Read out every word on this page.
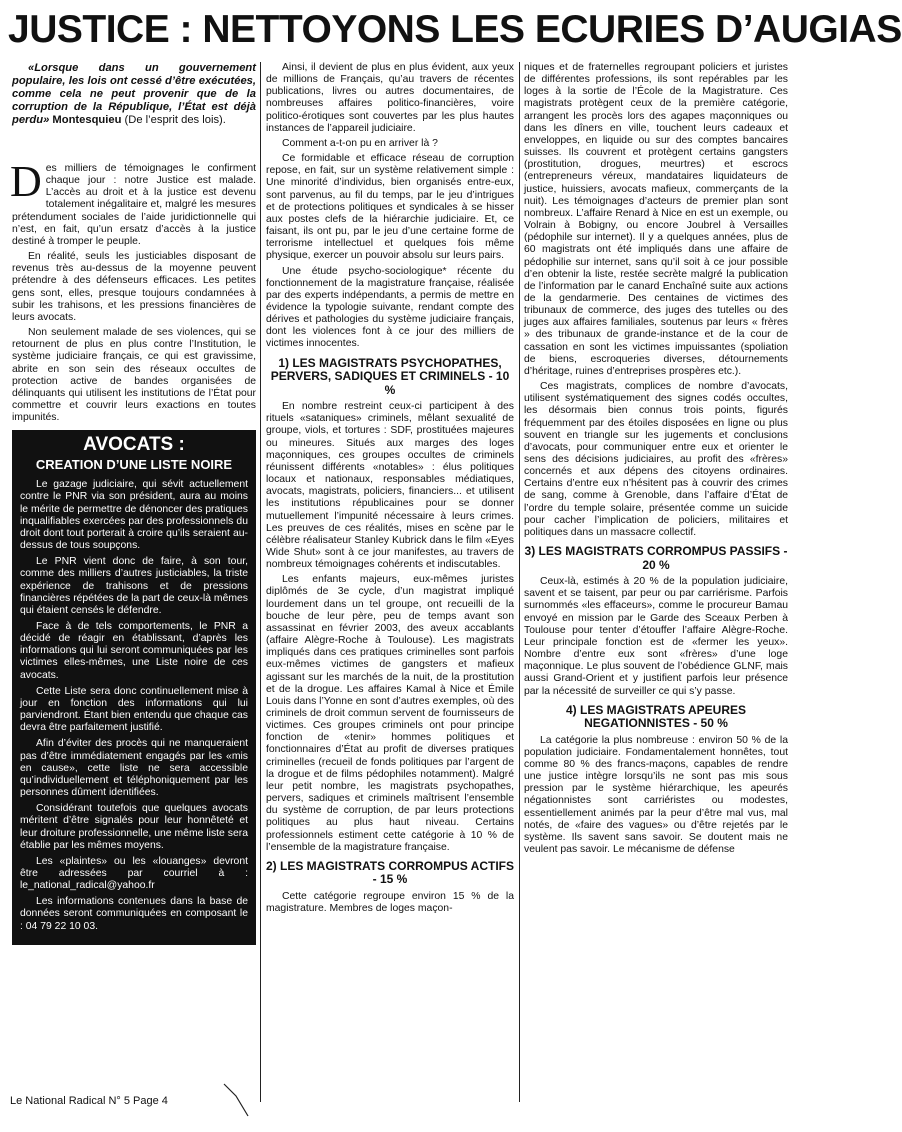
JUSTICE : NETTOYONS LES ECURIES D’AUGIAS

«Lorsque dans un gouvernement populaire, les lois ont cessé d’être exécutées, comme cela ne peut provenir que de la corruption de la République, l’État est déjà perdu» Montesquieu (De l’esprit des lois).

Des milliers de témoignages le confirment chaque jour : notre Justice est malade. L’accès au droit et à la justice est devenu totalement inégalitaire et, malgré les mesures prétendument sociales de l’aide juridictionnelle qui n’est, en fait, qu’un ersatz d’accès à la justice destiné à tromper le peuple.

En réalité, seuls les justiciables disposant de revenus très au-dessus de la moyenne peuvent prétendre à des défenseurs efficaces. Les petites gens sont, elles, presque toujours condamnées à subir les trahisons, et les pressions financières de leurs avocats.

Non seulement malade de ses violences, qui se retournent de plus en plus contre l’Institution, le système judiciaire français, ce qui est gravissime, abrite en son sein des réseaux occultes de protection active de bandes organisées de délinquants qui utilisent les institutions de l’État pour commettre et couvrir leurs exactions en toutes impunités.

AVOCATS :
CREATION D’UNE LISTE NOIRE

Le gazage judiciaire, qui sévit actuellement contre le PNR via son président, aura au moins le mérite de permettre de dénoncer des pratiques inqualifiables exercées par des professionnels du droit dont tout porterait à croire qu’ils seraient au-dessus de tous soupçons.

Le PNR vient donc de faire, à son tour, comme des milliers d’autres justiciables, la triste expérience de trahisons et de pressions financières répétées de la part de ceux-là mêmes qui étaient censés le défendre.

Face à de tels comportements, le PNR a décidé de réagir en établissant, d’après les informations qui lui seront communiquées par les victimes elles-mêmes, une Liste noire de ces avocats.

Cette Liste sera donc continuellement mise à jour en fonction des informations qui lui parviendront. Étant bien entendu que chaque cas devra être parfaitement justifié.

Afin d’éviter des procès qui ne manqueraient pas d’être immédiatement engagés par les «mis en cause», cette liste ne sera accessible qu’individuellement et téléphoniquement par les personnes dûment identifiées.

Considérant toutefois que quelques avocats méritent d’être signalés pour leur honnêteté et leur droiture professionnelle, une même liste sera établie par les mêmes moyens.

Les «plaintes» ou les «louanges» devront être adressées par courriel à : le_national_radical@yahoo.fr

Les informations contenues dans la base de données seront communiquées en composant le : 04 79 22 10 03.

Ainsi, il devient de plus en plus évident, aux yeux de millions de Français, qu’au travers de récentes publications, livres ou autres documentaires, de nombreuses affaires politico-financières, voire politico-érotiques sont couvertes par les plus hautes instances de l’appareil judiciaire.

Comment a-t-on pu en arriver là ?

Ce formidable et efficace réseau de corruption repose, en fait, sur un système relativement simple : Une minorité d’individus, bien organisés entre-eux, sont parvenus, au fil du temps, par le jeu d’intrigues et de protections politiques et syndicales à se hisser aux postes clefs de la hiérarchie judiciaire. Et, ce faisant, ils ont pu, par le jeu d’une certaine forme de terrorisme intellectuel et quelques fois même physique, exercer un pouvoir absolu sur leurs pairs.

Une étude psycho-sociologique* récente du fonctionnement de la magistrature française, réalisée par des experts indépendants, a permis de mettre en évidence la typologie suivante, rendant compte des dérives et pathologies du système judiciaire français, dont les violences font à ce jour des milliers de victimes innocentes.

1) LES MAGISTRATS PSYCHOPATHES, PERVERS, SADIQUES ET CRIMINELS - 10 %

En nombre restreint ceux-ci participent à des rituels «sataniques» criminels, mêlant sexualité de groupe, viols, et tortures : SDF, prostituées majeures ou mineures. Situés aux marges des loges maçonniques, ces groupes occultes de criminels réunissent différents «notables» : élus politiques locaux et nationaux, responsables médiatiques, avocats, magistrats, policiers, financiers... et utilisent les institutions républicaines pour se donner mutuellement l’impunité nécessaire à leurs crimes. Les preuves de ces réalités, mises en scène par le célèbre réalisateur Stanley Kubrick dans le film «Eyes Wide Shut» sont à ce jour manifestes, au travers de nombreux témoignages cohérents et indiscutables.

Les enfants majeurs, eux-mêmes juristes diplômés de 3e cycle, d’un magistrat impliqué lourdement dans un tel groupe, ont recueilli de la bouche de leur père, peu de temps avant son assassinat en février 2003, des aveux accablants (affaire Alègre-Roche à Toulouse). Les magistrats impliqués dans ces pratiques criminelles sont parfois eux-mêmes victimes de gangsters et mafieux agissant sur les marchés de la nuit, de la prostitution et de la drogue. Les affaires Kamal à Nice et Émile Louis dans l’Yonne en sont d’autres exemples, où des criminels de droit commun servent de fournisseurs de victimes. Ces groupes criminels ont pour principe fonction de «tenir» hommes politiques et fonctionnaires d’État au profit de diverses pratiques criminelles (recueil de fonds politiques par l’argent de la drogue et de films pédophiles notamment). Malgré leur petit nombre, les magistrats psychopathes, pervers, sadiques et criminels maîtrisent l’ensemble du système de corruption, de par leurs protections politiques au plus haut niveau. Certains professionnels estiment cette catégorie à 10 % de l’ensemble de la magistrature française.

2) LES MAGISTRATS CORROMPUS ACTIFS - 15 %

Cette catégorie regroupe environ 15 % de la magistrature. Membres de loges maçon-

niques et de fraternelles regroupant policiers et juristes de différentes professions, ils sont repérables par les loges à la sortie de l’École de la Magistrature. Ces magistrats protègent ceux de la première catégorie, arrangent les procès lors des agapes maçonniques ou dans les dîners en ville, touchent leurs cadeaux et enveloppes, en liquide ou sur des comptes bancaires suisses. Ils couvrent et protègent certains gangsters (prostitution, drogues, meurtres) et escrocs (entrepreneurs véreux, mandataires liquidateurs de justice, huissiers, avocats mafieux, commerçants de la nuit). Les témoignages d’acteurs de premier plan sont nombreux. L’affaire Renard à Nice en est un exemple, ou Volrain à Bobigny, ou encore Joubrel à Versailles (pédophile sur internet). Il y a quelques années, plus de 60 magistrats ont été impliqués dans une affaire de pédophilie sur internet, sans qu’il soit à ce jour possible d’en obtenir la liste, restée secrète malgré la publication de l’information par le canard Enchaîné suite aux actions de la gendarmerie. Des centaines de victimes des tribunaux de commerce, des juges des tutelles ou des juges aux affaires familiales, soutenus par leurs « frères » des tribunaux de grande-instance et de la cour de cassation en sont les victimes impuissantes (spoliation de biens, escroqueries diverses, détournements d’héritage, ruines d’entreprises prospères etc.).

Ces magistrats, complices de nombre d’avocats, utilisent systématiquement des signes codés occultes, les désormais bien connus trois points, figurés fréquemment par des étoiles disposées en ligne ou plus souvent en triangle sur les jugements et conclusions d’avocats, pour communiquer entre eux et orienter le sens des décisions judiciaires, au profit des «frères» concernés et aux dépens des citoyens ordinaires. Certains d’entre eux n’hésitent pas à couvrir des crimes de sang, comme à Grenoble, dans l’affaire d’État de l’ordre du temple solaire, présentée comme un suicide pour cacher l’implication de policiers, militaires et politiques dans un massacre collectif.

3) LES MAGISTRATS CORROMPUS PASSIFS - 20 %

Ceux-là, estimés à 20 % de la population judiciaire, savent et se taisent, par peur ou par carriérisme. Parfois surnommés «les effaceurs», comme le procureur Bamau envoyé en mission par le Garde des Sceaux Perben à Toulouse pour tenter d’étouffer l’affaire Alègre-Roche. Leur principale fonction est de «fermer les yeux». Nombre d’entre eux sont «frères» d’une loge maçonnique. Le plus souvent de l’obédience GLNF, mais aussi Grand-Orient et y justifient parfois leur présence par la nécessité de surveiller ce qui s’y passe.

4) LES MAGISTRATS APEURES NEGATIONNISTES - 50 %

La catégorie la plus nombreuse : environ 50 % de la population judiciaire. Fondamentalement honnêtes, tout comme 80 % des francs-maçons, capables de rendre une justice intègre lorsqu’ils ne sont pas mis sous pression par le système hiérarchique, les apeurés négationnistes sont carriéristes ou modestes, essentiellement animés par la peur d’être mal vus, mal notés, de «faire des vagues» ou d’être rejetés par le système. Ils savent sans savoir. Se doutent mais ne veulent pas savoir. Le mécanisme de défense

Le National Radical N° 5 Page 4
